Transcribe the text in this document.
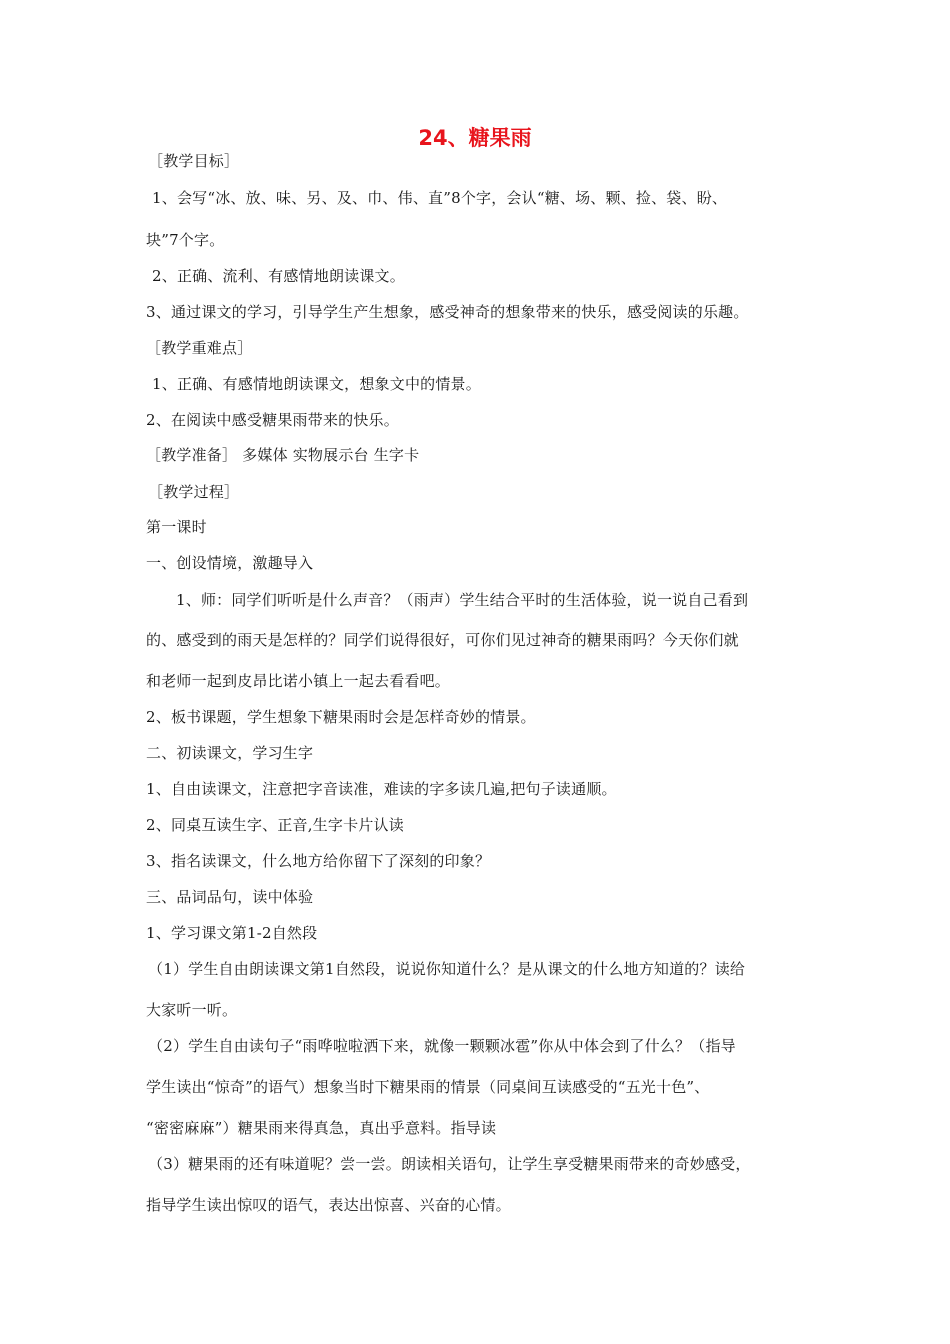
24、糖果雨
［教学目标］
1、会写“冰、放、味、另、及、巾、伟、直”8个字，会认“糖、场、颗、捡、袋、盼、
块”7个字。
2、正确、流利、有感情地朗读课文。
3、通过课文的学习，引导学生产生想象，感受神奇的想象带来的快乐，感受阅读的乐趣。
［教学重难点］
1、正确、有感情地朗读课文，想象文中的情景。
2、在阅读中感受糖果雨带来的快乐。
［教学准备］ 多媒体 实物展示台 生字卡
［教学过程］
第一课时
一、创设情境，激趣导入
1、师：同学们听听是什么声音？（雨声）学生结合平时的生活体验，说一说自己看到
的、感受到的雨天是怎样的？同学们说得很好，可你们见过神奇的糖果雨吗？今天你们就
和老师一起到皮昂比诺小镇上一起去看看吧。
2、板书课题，学生想象下糖果雨时会是怎样奇妙的情景。
二、初读课文，学习生字
1、自由读课文，注意把字音读准，难读的字多读几遍,把句子读通顺。
2、同桌互读生字、正音,生字卡片认读
3、指名读课文，什么地方给你留下了深刻的印象？
三、品词品句，读中体验
1、学习课文第1-2自然段
（1）学生自由朗读课文第1自然段，说说你知道什么？是从课文的什么地方知道的？读给
大家听一听。
（2）学生自由读句子“雨哗啦啦洒下来，就像一颗颗冰雹”你从中体会到了什么？（指导
学生读出“惊奇”的语气）想象当时下糖果雨的情景（同桌间互读感受的“五光十色”、
“密密麻麻”）糖果雨来得真急，真出乎意料。指导读
（3）糖果雨的还有味道呢？尝一尝。朗读相关语句，让学生享受糖果雨带来的奇妙感受，
指导学生读出惊叹的语气，表达出惊喜、兴奋的心情。
